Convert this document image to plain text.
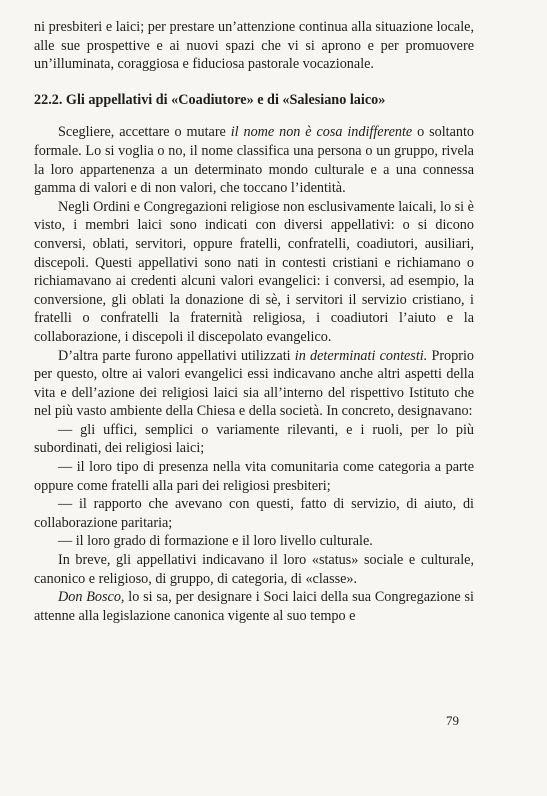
ni presbiteri e laici; per prestare un’attenzione continua alla situazione locale, alle sue prospettive e ai nuovi spazi che vi si aprono e per promuovere un’illuminata, coraggiosa e fiduciosa pastorale vocazionale.

22.2. Gli appellativi di «Coadiutore» e di «Salesiano laico»

Scegliere, accettare o mutare il nome non è cosa indifferente o soltanto formale. Lo si voglia o no, il nome classifica una persona o un gruppo, rivela la loro appartenenza a un determinato mondo culturale e a una connessa gamma di valori e di non valori, che toccano l’identità.

Negli Ordini e Congregazioni religiose non esclusivamente laicali, lo si è visto, i membri laici sono indicati con diversi appellativi: o si dicono conversi, oblati, servitori, oppure fratelli, confratelli, coadiutori, ausiliari, discepoli. Questi appellativi sono nati in contesti cristiani e richiamano o richiamavano ai credenti alcuni valori evangelici: i conversi, ad esempio, la conversione, gli oblati la donazione di sè, i servitori il servizio cristiano, i fratelli o confratelli la fraternità religiosa, i coadiutori l’aiuto e la collaborazione, i discepoli il discepolato evangelico.

D’altra parte furono appellativi utilizzati in determinati contesti. Proprio per questo, oltre ai valori evangelici essi indicavano anche altri aspetti della vita e dell’azione dei religiosi laici sia all’interno del rispettivo Istituto che nel più vasto ambiente della Chiesa e della società. In concreto, designavano:

— gli uffici, semplici o variamente rilevanti, e i ruoli, per lo più subordinati, dei religiosi laici;

— il loro tipo di presenza nella vita comunitaria come categoria a parte oppure come fratelli alla pari dei religiosi presbiteri;

— il rapporto che avevano con questi, fatto di servizio, di aiuto, di collaborazione paritaria;

— il loro grado di formazione e il loro livello culturale.

In breve, gli appellativi indicavano il loro «status» sociale e culturale, canonico e religioso, di gruppo, di categoria, di «classe».

Don Bosco, lo si sa, per designare i Soci laici della sua Congregazione si attenne alla legislazione canonica vigente al suo tempo e

79
